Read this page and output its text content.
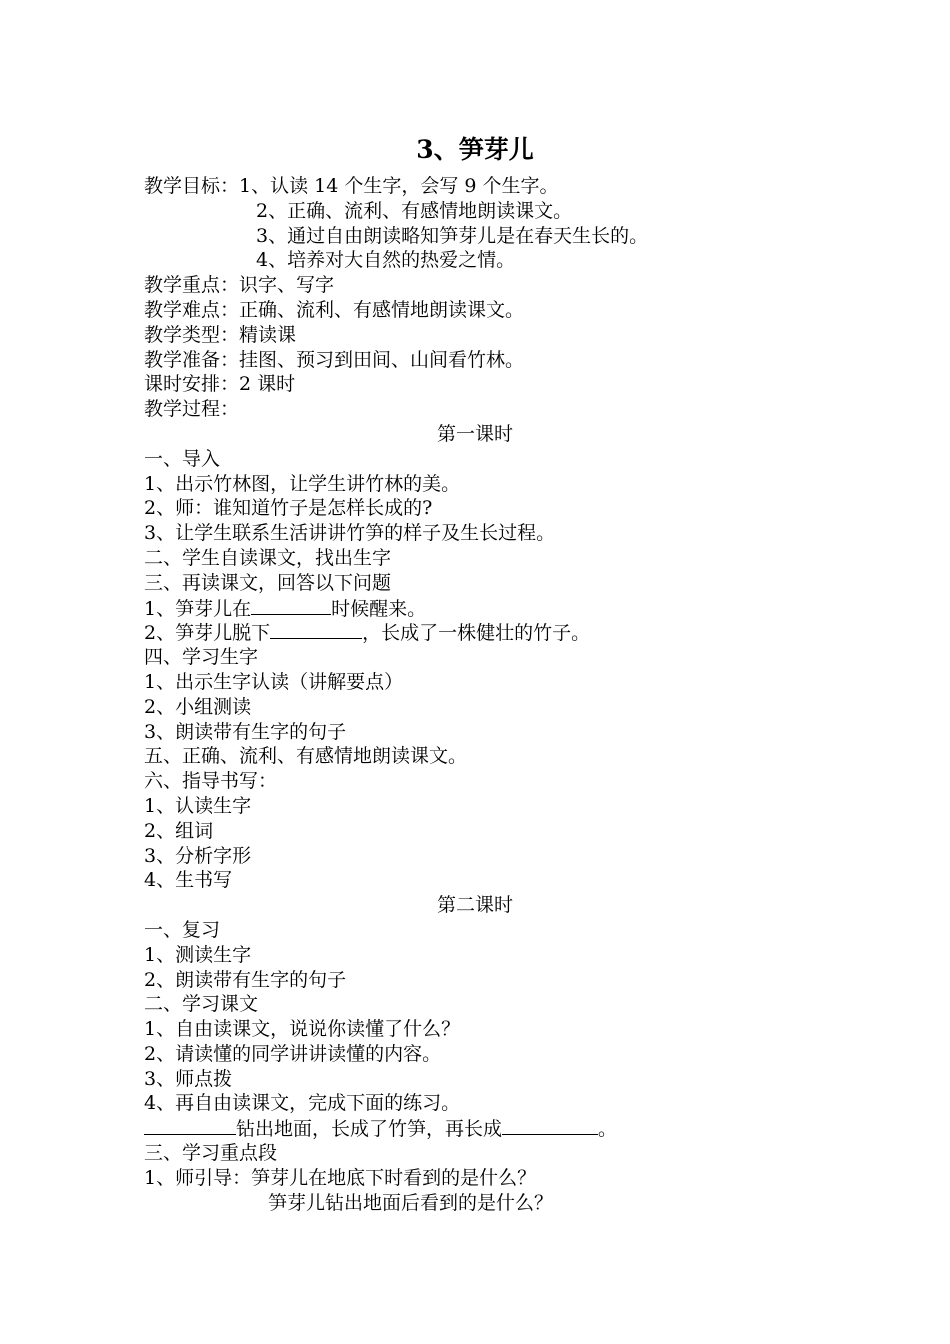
3、笋芽儿
教学目标：1、认读 14 个生字，会写 9 个生字。
2、正确、流利、有感情地朗读课文。
3、通过自由朗读略知笋芽儿是在春天生长的。
4、培养对大自然的热爱之情。
教学重点：识字、写字
教学难点：正确、流利、有感情地朗读课文。
教学类型：精读课
教学准备：挂图、预习到田间、山间看竹林。
课时安排：2 课时
教学过程：
第一课时
一、导入
1、出示竹林图，让学生讲竹林的美。
2、师：谁知道竹子是怎样长成的?
3、让学生联系生活讲讲竹笋的样子及生长过程。
二、学生自读课文，找出生字
三、再读课文，回答以下问题
1、笋芽儿在	时候醒来。
2、笋芽儿脱下	，长成了一株健壮的竹子。
四、学习生字
1、出示生字认读（讲解要点）
2、小组测读
3、朗读带有生字的句子
五、正确、流利、有感情地朗读课文。
六、指导书写：
1、认读生字
2、组词
3、分析字形
4、生书写
第二课时
一、复习
1、测读生字
2、朗读带有生字的句子
二、学习课文
1、自由读课文，说说你读懂了什么？
2、请读懂的同学讲讲读懂的内容。
3、师点拨
4、再自由读课文，完成下面的练习。
钻出地面，长成了竹笋，再长成	。
三、学习重点段
1、师引导：笋芽儿在地底下时看到的是什么？
笋芽儿钻出地面后看到的是什么？
